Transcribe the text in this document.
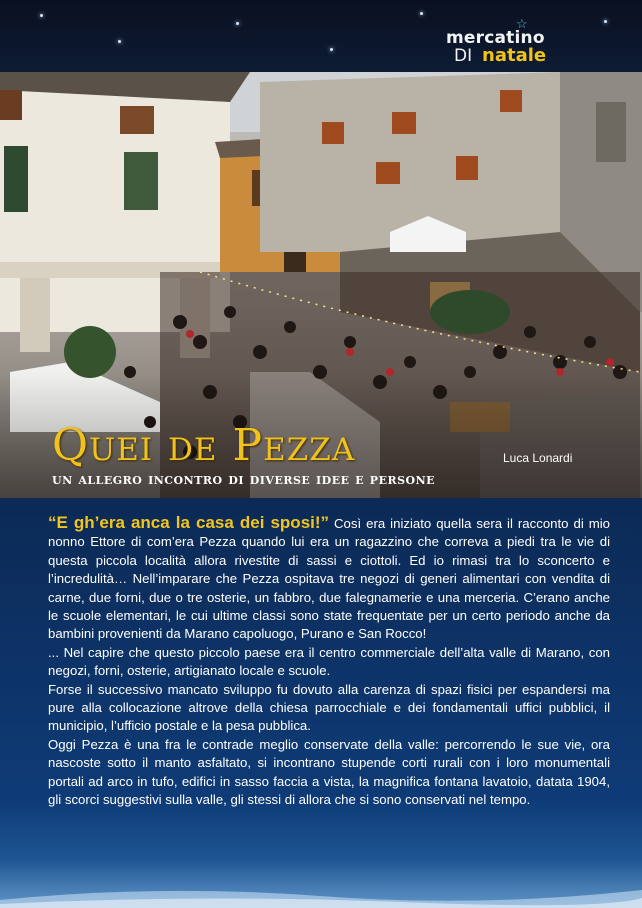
☆
mercatino
DI natale
Quei de Pezza
un allegro incontro di diverse idee e persone
Luca Lonardi

“E gh’era anca la casa dei sposi!” Così era iniziato quella sera il racconto di mio nonno Ettore di com’era Pezza quando lui era un ragazzino che correva a piedi tra le vie di questa piccola località allora rivestite di sassi e ciottoli. Ed io rimasi tra lo sconcerto e l’incredulità… Nell’imparare che Pezza ospitava tre negozi di generi alimentari con vendita di carne, due forni, due o tre osterie, un fabbro, due falegnamerie e una merceria. C’erano anche le scuole elementari, le cui ultime classi sono state frequentate per un certo periodo anche da bambini provenienti da Marano capoluogo, Purano e San Rocco!

... Nel capire che questo piccolo paese era il centro commerciale dell’alta valle di Marano, con negozi, forni, osterie, artigianato locale e scuole.

Forse il successivo mancato sviluppo fu dovuto alla carenza di spazi fisici per espandersi ma pure alla collocazione altrove della chiesa parrocchiale e dei fondamentali uffici pubblici, il municipio, l’ufficio postale e la pesa pubblica.

Oggi Pezza è una fra le contrade meglio conservate della valle: percorrendo le sue vie, ora nascoste sotto il manto asfaltato, si incontrano stupende corti rurali con i loro monumentali portali ad arco in tufo, edifici in sasso faccia a vista, la magnifica fontana lavatoio, datata 1904, gli scorci suggestivi sulla valle, gli stessi di allora che si sono conservati nel tempo.
